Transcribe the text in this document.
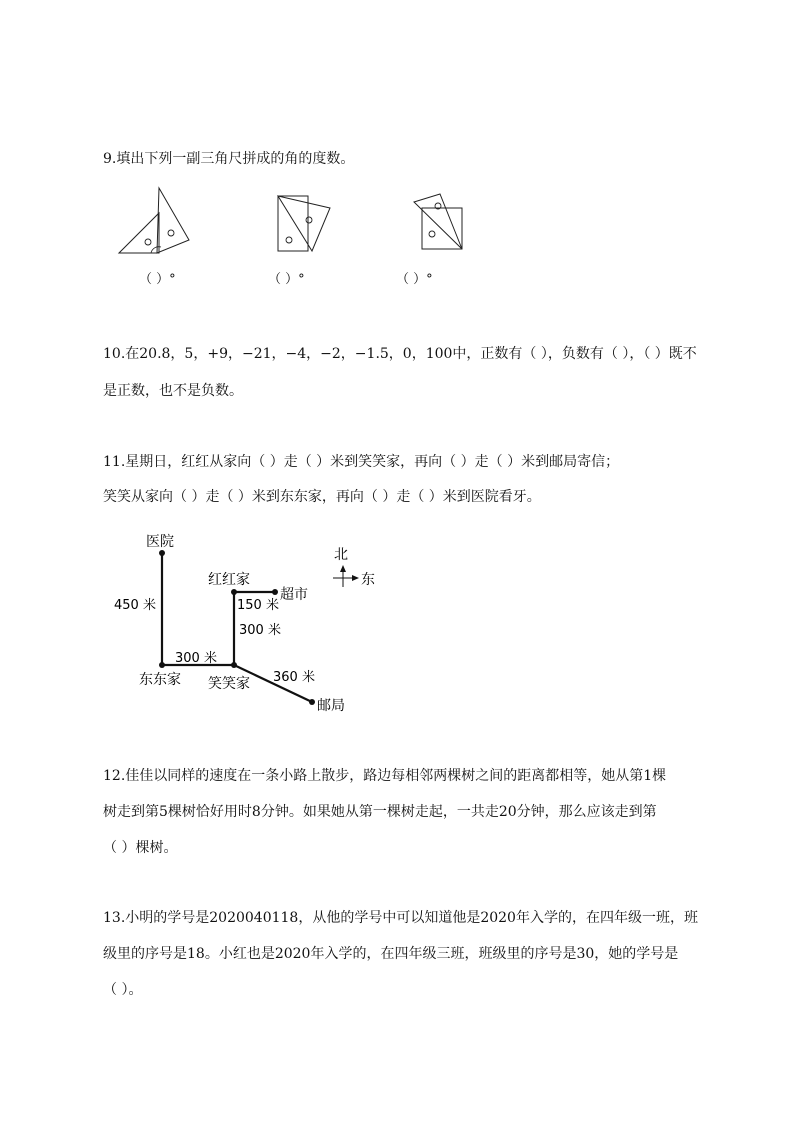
9.填出下列一副三角尺拼成的角的度数。
（ ）°	（ ）°	（ ）°
10.在20.8，5，+9，−21，−4，−2，−1.5，0，100中，正数有（ ），负数有（ ），（ ）既不
是正数，也不是负数。
11.星期日，红红从家向（ ）走（ ）米到笑笑家，再向（ ）走（ ）米到邮局寄信；
笑笑从家向（ ）走（ ）米到东东家，再向（ ）走（ ）米到医院看牙。
医院
红红家
超市
150 米
300 米
450 米
300 米
东东家 笑笑家 360 米
邮局
北
东
12.佳佳以同样的速度在一条小路上散步，路边每相邻两棵树之间的距离都相等，她从第1棵
树走到第5棵树恰好用时8分钟。如果她从第一棵树走起，一共走20分钟，那么应该走到第
（ ）棵树。
13.小明的学号是2020040118，从他的学号中可以知道他是2020年入学的，在四年级一班，班
级里的序号是18。小红也是2020年入学的，在四年级三班，班级里的序号是30，她的学号是
（ ）。
